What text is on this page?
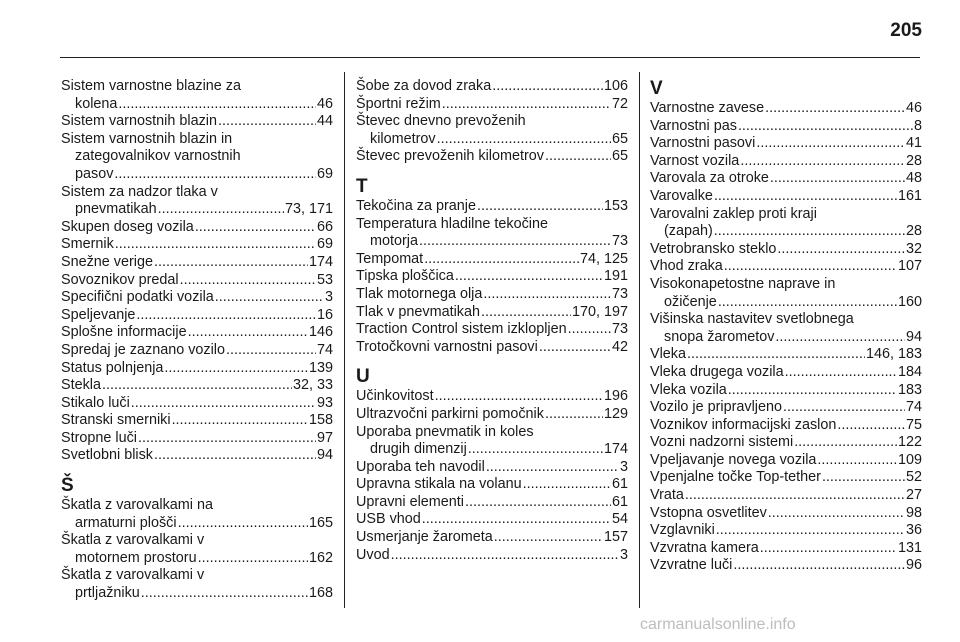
205
Sistem varnostne blazine za
kolena .....	46
Sistem varnostnih blazin .....	44
Sistem varnostnih blazin in
zategovalnikov varnostnih
pasov .....	69
Sistem za nadzor tlaka v
pnevmatikah .....	73, 171
Skupen doseg vozila .....	66
Smernik .....	69
Snežne verige .....	174
Sovoznikov predal .....	53
Specifični podatki vozila .....	3
Speljevanje .....	16
Splošne informacije .....	146
Spredaj je zaznano vozilo .....	74
Status polnjenja .....	139
Stekla .....	32, 33
Stikalo luči .....	93
Stranski smerniki .....	158
Stropne luči .....	97
Svetlobni blisk .....	94
Š
Škatla z varovalkami na
armaturni plošči .....	165
Škatla z varovalkami v
motornem prostoru .....	162
Škatla z varovalkami v
prtljažniku .....	168
Šobe za dovod zraka .....	106
Športni režim .....	72
Števec dnevno prevoženih
kilometrov .....	65
Števec prevoženih kilometrov .....	65
T
Tekočina za pranje .....	153
Temperatura hladilne tekočine
motorja .....	73
Tempomat .....	74, 125
Tipska ploščica .....	191
Tlak motornega olja .....	73
Tlak v pnevmatikah .....	170, 197
Traction Control sistem izklopljen .....	73
Trotočkovni varnostni pasovi .....	42
U
Učinkovitost .....	196
Ultrazvočni parkirni pomočnik .....	129
Uporaba pnevmatik in koles
drugih dimenzij .....	174
Uporaba teh navodil .....	3
Upravna stikala na volanu .....	61
Upravni elementi .....	61
USB vhod .....	54
Usmerjanje žarometa .....	157
Uvod .....	3
V
Varnostne zavese .....	46
Varnostni pas .....	8
Varnostni pasovi .....	41
Varnost vozila .....	28
Varovala za otroke .....	48
Varovalke .....	161
Varovalni zaklep proti kraji
(zapah) .....	28
Vetrobransko steklo .....	32
Vhod zraka .....	107
Visokonapetostne naprave in
ožičenje .....	160
Višinska nastavitev svetlobnega
snopa žarometov .....	94
Vleka .....	146, 183
Vleka drugega vozila .....	184
Vleka vozila .....	183
Vozilo je pripravljeno .....	74
Voznikov informacijski zaslon .....	75
Vozni nadzorni sistemi .....	122
Vpeljavanje novega vozila .....	109
Vpenjalne točke Top-tether .....	52
Vrata .....	27
Vstopna osvetlitev .....	98
Vzglavniki .....	36
Vzvratna kamera .....	131
Vzvratne luči .....	96
carmanualsonline.info
